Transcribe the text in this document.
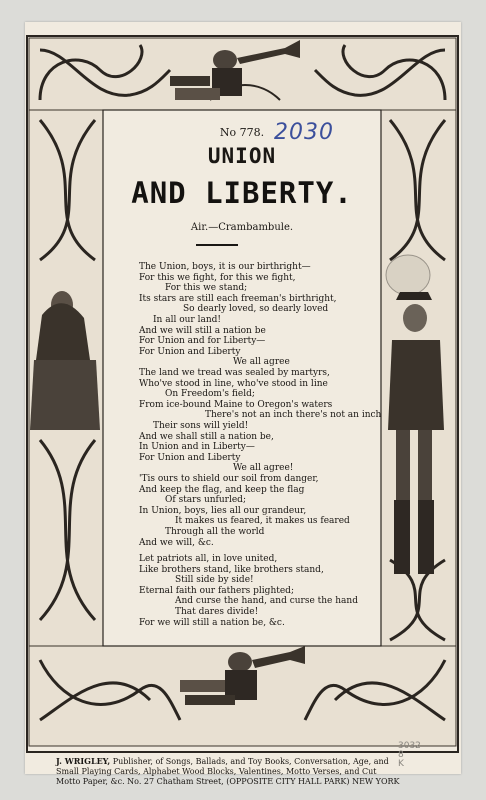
No 778. 2030
UNION
AND LIBERTY.
Air.—Crambambule.
The Union, boys, it is our birthright—
For this we fight, for this we fight,
For this we stand;
Its stars are still each freeman's birthright,
So dearly loved, so dearly loved
In all our land!
And we will still a nation be
For Union and for Liberty—
For Union and Liberty
We all agree
The land we tread was sealed by martyrs,
Who've stood in line, who've stood in line
On Freedom's field;
From ice-bound Maine to Oregon's waters
There's not an inch there's not an inch
Their sons will yield!
And we shall still a nation be,
In Union and in Liberty—
For Union and Liberty
We all agree!
'Tis ours to shield our soil from danger,
And keep the flag, and keep the flag
Of stars unfurled;
In Union, boys, lies all our grandeur,
It makes us feared, it makes us feared
Through all the world
And we will, &c.
Let patriots all, in love united,
Like brothers stand, like brothers stand,
Still side by side!
Eternal faith our fathers plighted;
And curse the hand, and curse the hand
That dares divide!
For we will still a nation be, &c.
J. WRIGLEY, Publisher, of Songs, Ballads, and Toy Books, Conversation, Age, and
Small Playing Cards, Alphabet Wood Blocks, Valentines, Motto Verses, and Cut
Motto Paper, &c. No. 27 Chatham Street, (OPPOSITE CITY HALL PARK) NEW YORK
3032
8
K
